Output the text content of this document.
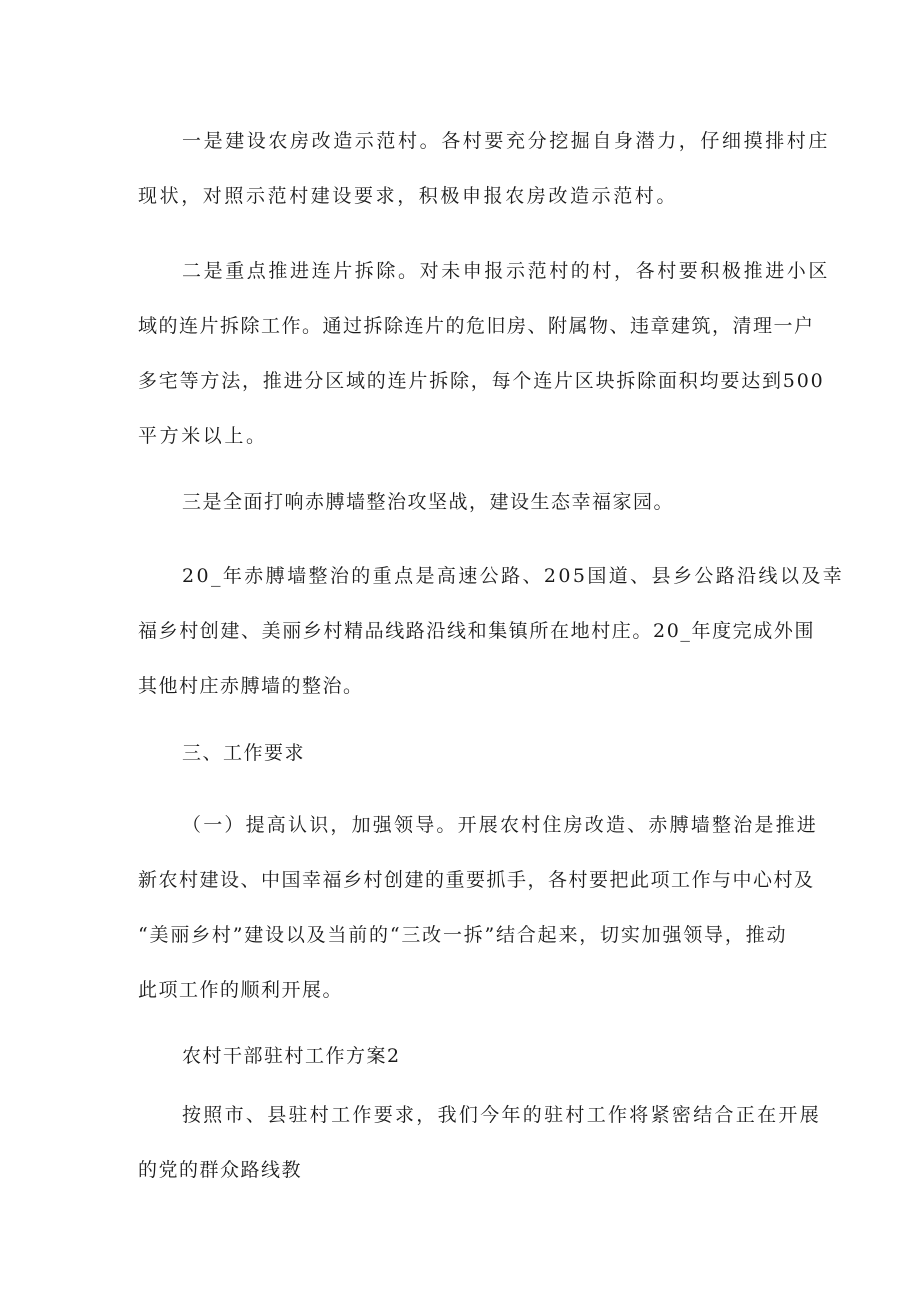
一是建设农房改造示范村。各村要充分挖掘自身潜力，仔细摸排村庄
现状，对照示范村建设要求，积极申报农房改造示范村。
二是重点推进连片拆除。对未申报示范村的村，各村要积极推进小区
域的连片拆除工作。通过拆除连片的危旧房、附属物、违章建筑，清理一户
多宅等方法，推进分区域的连片拆除，每个连片区块拆除面积均要达到500
平方米以上。
三是全面打响赤膊墙整治攻坚战，建设生态幸福家园。
20_年赤膊墙整治的重点是高速公路、205国道、县乡公路沿线以及幸
福乡村创建、美丽乡村精品线路沿线和集镇所在地村庄。20_年度完成外围
其他村庄赤膊墙的整治。
三、工作要求
（一）提高认识，加强领导。开展农村住房改造、赤膊墙整治是推进
新农村建设、中国幸福乡村创建的重要抓手，各村要把此项工作与中心村及
“美丽乡村”建设以及当前的“三改一拆”结合起来，切实加强领导，推动
此项工作的顺利开展。
农村干部驻村工作方案2
按照市、县驻村工作要求，我们今年的驻村工作将紧密结合正在开展
的党的群众路线教
